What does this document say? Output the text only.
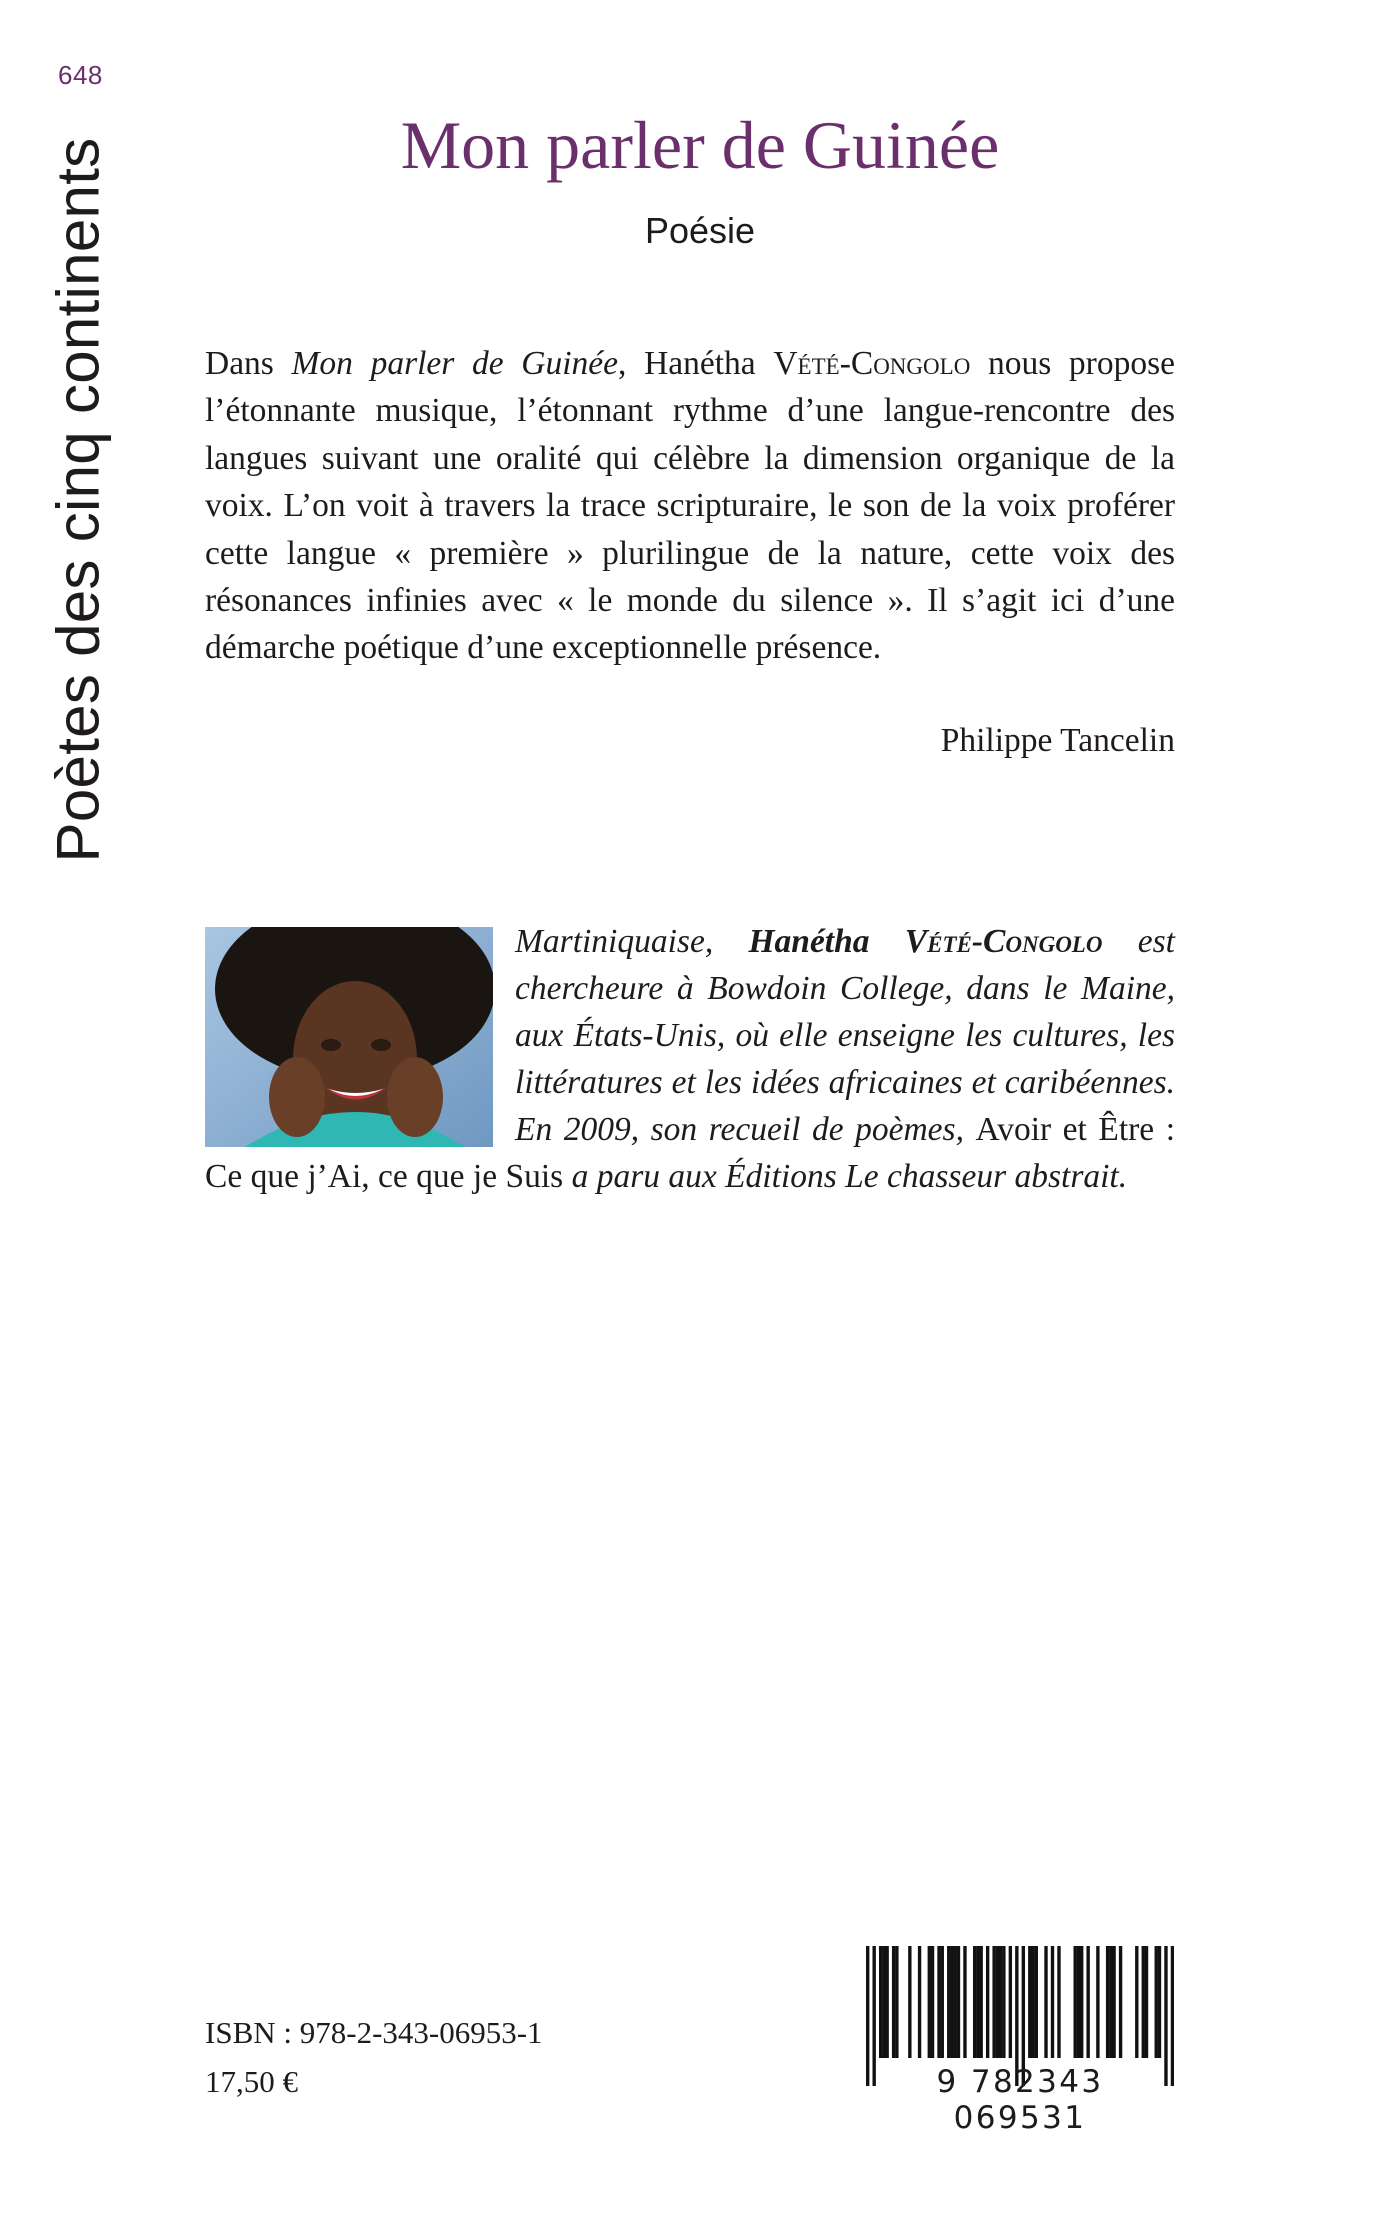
648
Poètes des cinq continents	Mon parler de Guinée
Poésie

Dans Mon parler de Guinée, Hanétha Vété-Congolo nous propose l’étonnante musique, l’étonnant rythme d’une langue-rencontre des langues suivant une oralité qui célèbre la dimension organique de la voix. L’on voit à travers la trace scripturaire, le son de la voix proférer cette langue « première » plurilingue de la nature, cette voix des résonances infinies avec « le monde du silence ». Il s’agit ici d’une démarche poétique d’une exceptionnelle présence.

Philippe Tancelin

Martiniquaise, Hanétha Vété-Congolo est chercheure à Bowdoin College, dans le Maine, aux États-Unis, où elle enseigne les cultures, les littératures et les idées africaines et caribéennes. En 2009, son recueil de poèmes, Avoir et Être : Ce que j’Ai, ce que je Suis a paru aux Éditions Le chasseur abstrait.

ISBN : 978-2-343-06953-1
17,50 €	9 782343 069531
